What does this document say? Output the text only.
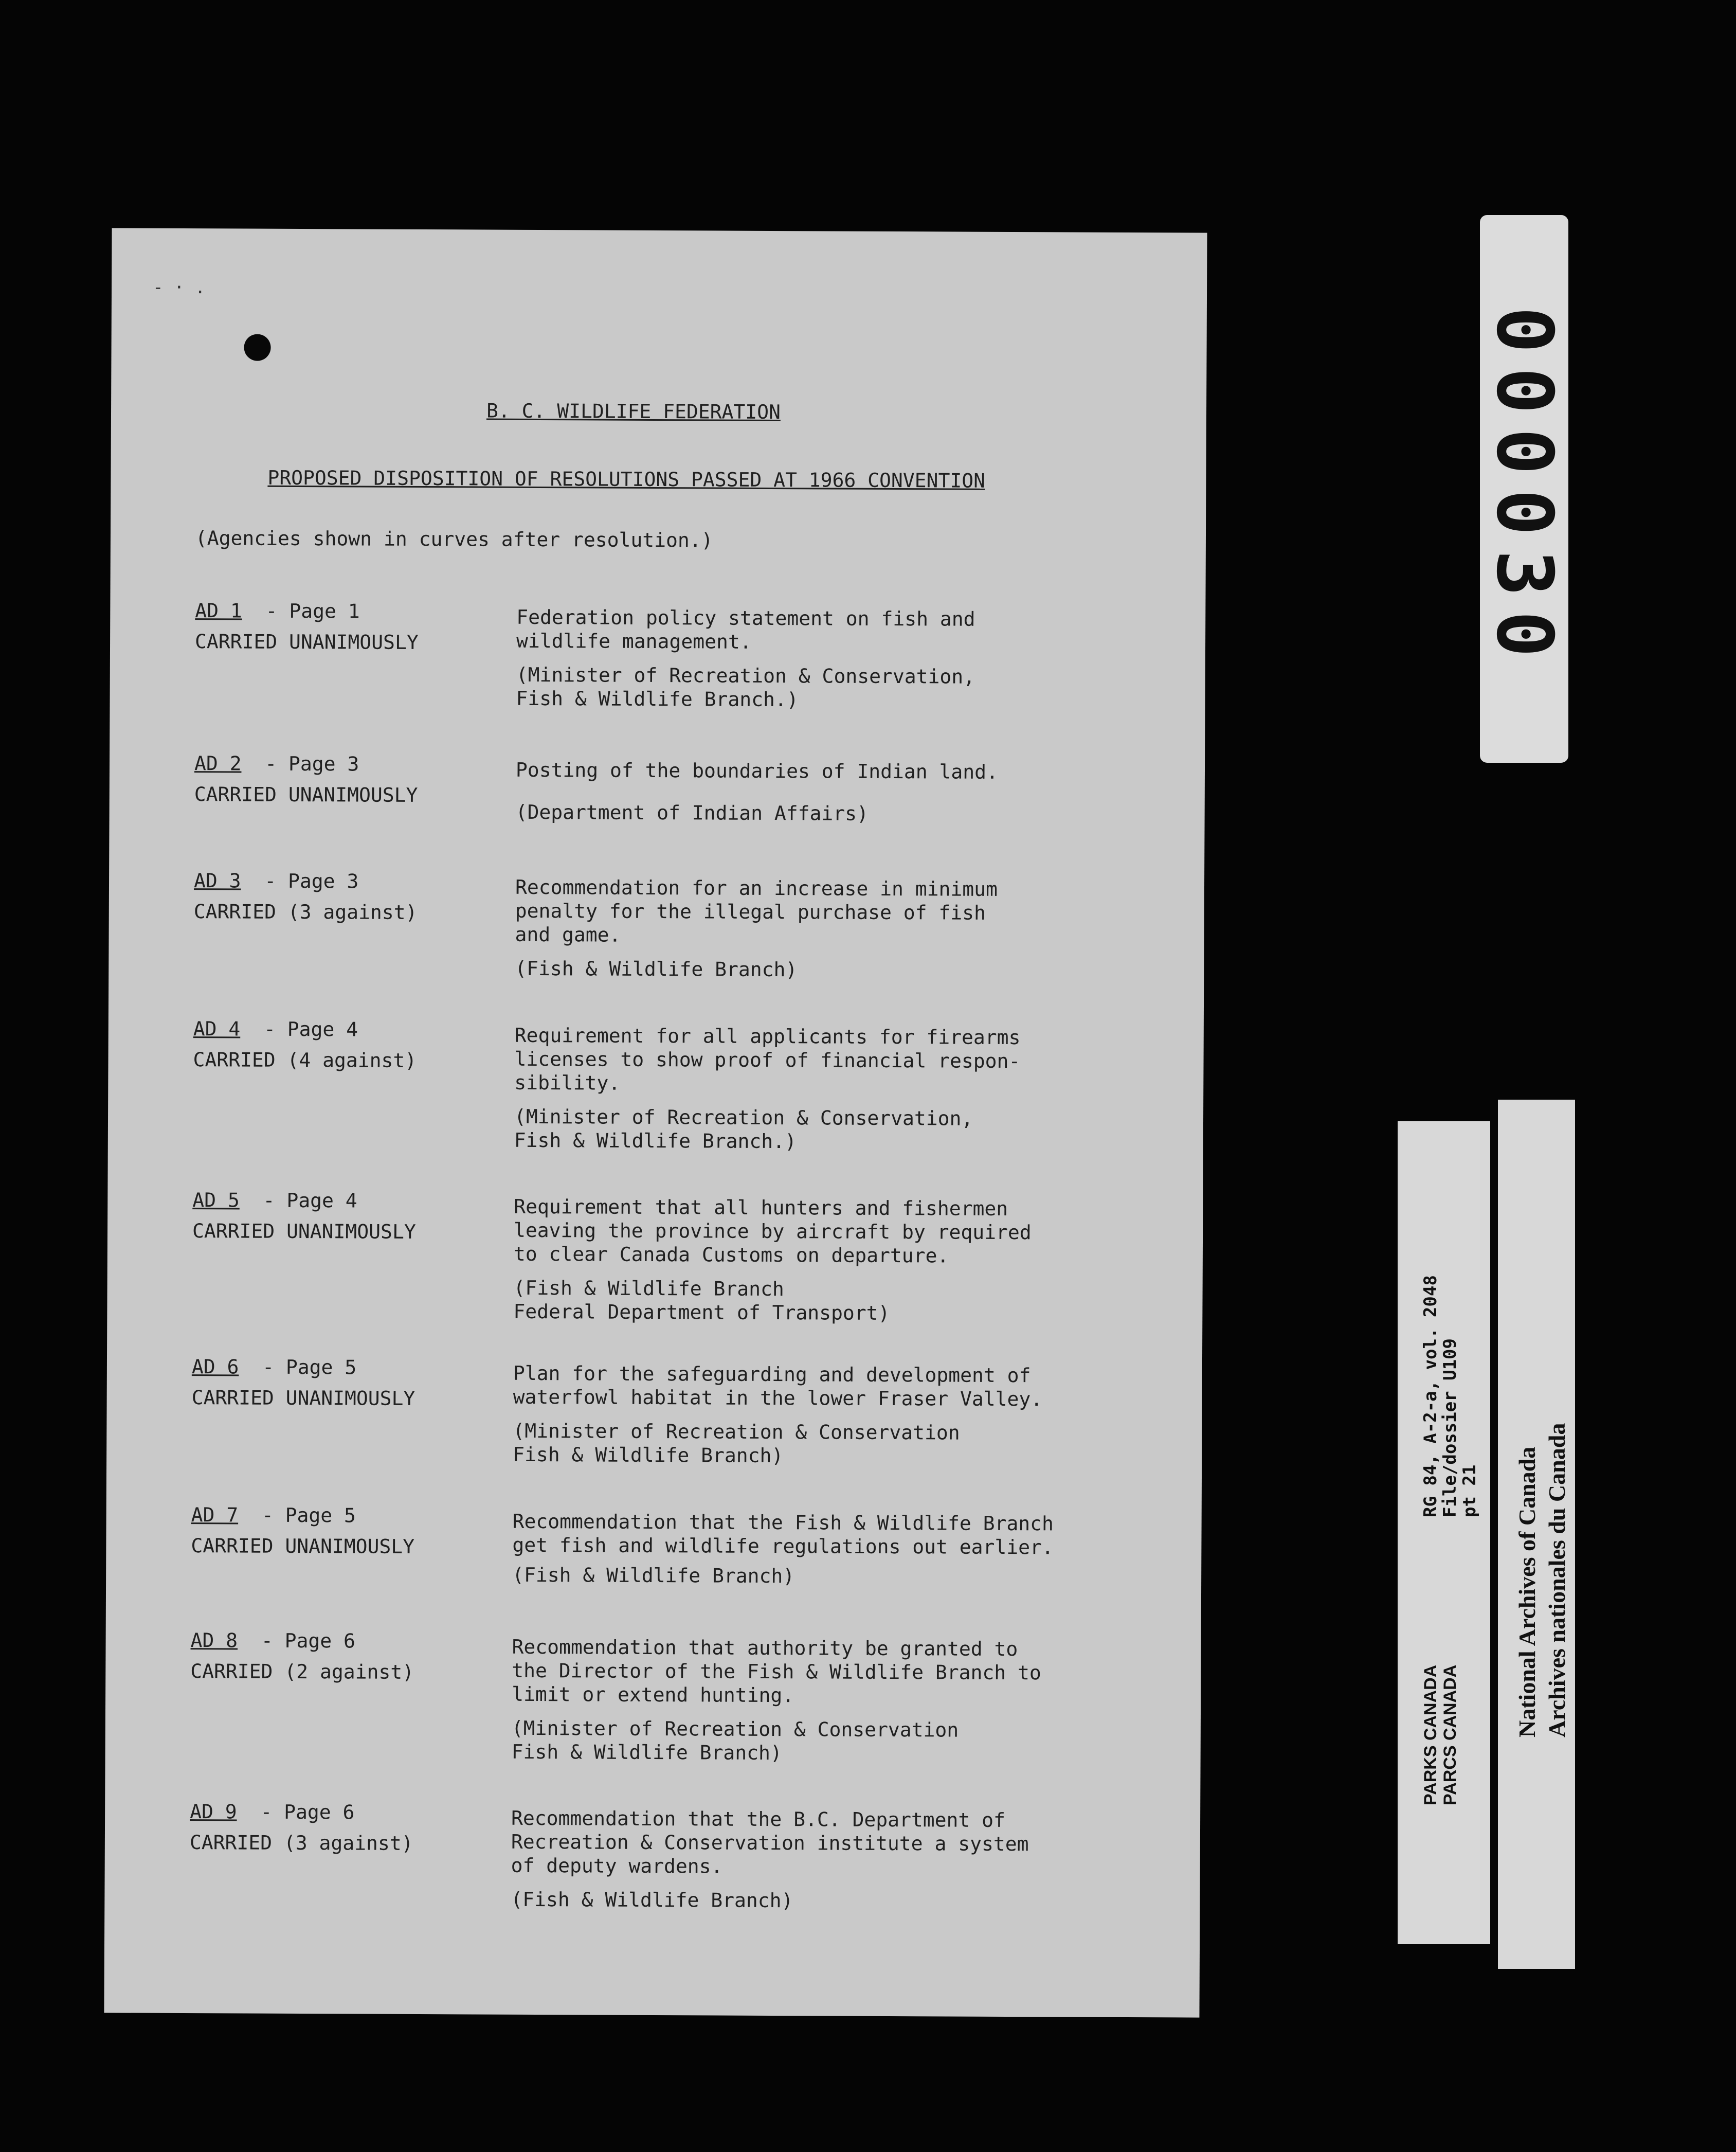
- · .
B. C. WILDLIFE FEDERATION
PROPOSED DISPOSITION OF RESOLUTIONS PASSED AT 1966 CONVENTION
(Agencies shown in curves after resolution.)
AD 1 - Page 1
CARRIED UNANIMOUSLY
Federation policy statement on fish and
wildlife management.
(Minister of Recreation & Conservation,
Fish & Wildlife Branch.)
AD 2 - Page 3
CARRIED UNANIMOUSLY
Posting of the boundaries of Indian land.
(Department of Indian Affairs)
AD 3 - Page 3
CARRIED (3 against)
Recommendation for an increase in minimum
penalty for the illegal purchase of fish
and game.
(Fish & Wildlife Branch)
AD 4 - Page 4
CARRIED (4 against)
Requirement for all applicants for firearms
licenses to show proof of financial respon-
sibility.
(Minister of Recreation & Conservation,
Fish & Wildlife Branch.)
AD 5 - Page 4
CARRIED UNANIMOUSLY
Requirement that all hunters and fishermen
leaving the province by aircraft by required
to clear Canada Customs on departure.
(Fish & Wildlife Branch
Federal Department of Transport)
AD 6 - Page 5
CARRIED UNANIMOUSLY
Plan for the safeguarding and development of
waterfowl habitat in the lower Fraser Valley.
(Minister of Recreation & Conservation
Fish & Wildlife Branch)
AD 7 - Page 5
CARRIED UNANIMOUSLY
Recommendation that the Fish & Wildlife Branch
get fish and wildlife regulations out earlier.
(Fish & Wildlife Branch)
AD 8 - Page 6
CARRIED (2 against)
Recommendation that authority be granted to
the Director of the Fish & Wildlife Branch to
limit or extend hunting.
(Minister of Recreation & Conservation
Fish & Wildlife Branch)
AD 9 - Page 6
CARRIED (3 against)
Recommendation that the B.C. Department of
Recreation & Conservation institute a system
of deputy wardens.
(Fish & Wildlife Branch)
000030
RG 84, A-2-a, vol. 2048
File/dossier U109
pt 21
PARKS CANADA PARCS CANADA National Archives of Canada Archives nationales du Canada
